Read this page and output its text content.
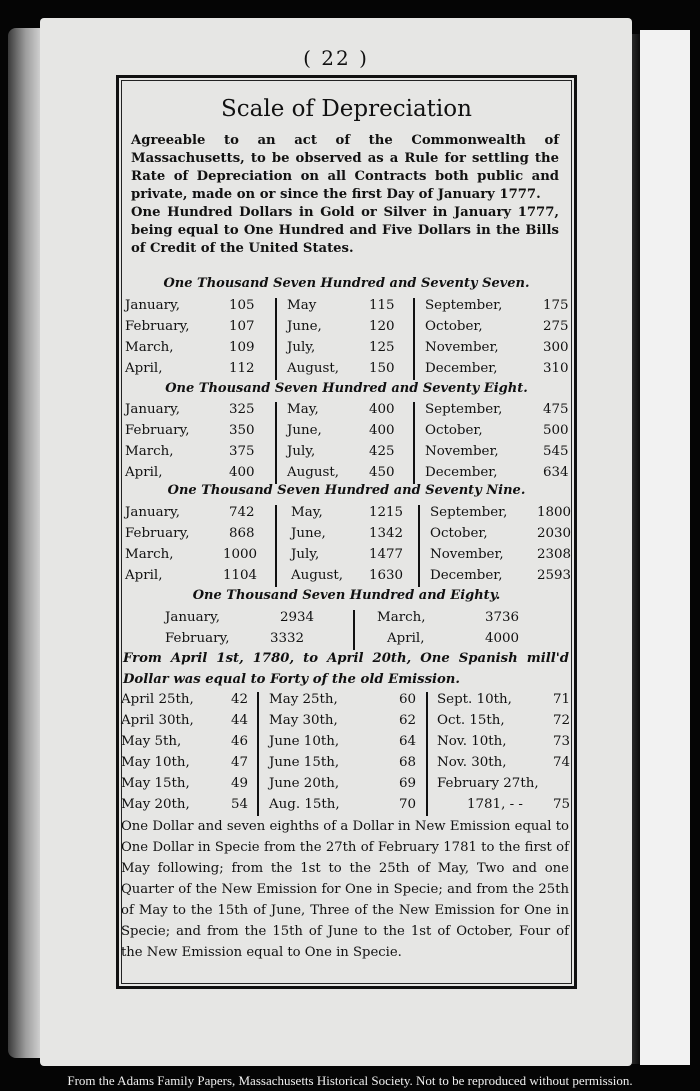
( 22 )
Scale of Depreciation
Agreeable to an act of the Commonwealth of Massachusetts, to be observed as a Rule for settling the Rate of Depreciation on all Contracts both public and private, made on or since the first Day of January 1777.
One Hundred Dollars in Gold or Silver in January 1777, being equal to One Hundred and Five Dollars in the Bills of Credit of the United States.
One Thousand Seven Hundred and Seventy Seven.
January,	105 May	115 September,	175
February,	107 June,	120 October,	275
March,	109 July,	125 November,	300
April,	112 August, 150 December,	310
One Thousand Seven Hundred and Seventy Eight.
January,	325 May,	400 September,	475
February,	350 June,	400 October,	500
March,	375 July,	425 November,	545
April,	400 August, 450 December,	634
One Thousand Seven Hundred and Seventy Nine.
January,	742	May,	1215 September, 1800
February,	868	June,	1342 October,	2030
March,	1000	July,	1477 November, 2308
April,	1104	August, 1630 December,	2593
One Thousand Seven Hundred and Eighty.
January,	2934	March,	3736
February,	3332	April,	4000
From April 1st, 1780, to April 20th, One Spanish mill'd Dollar was equal to Forty of the old Emission.
April 25th,	42 May 25th,	60 Sept. 10th,	71
April 30th,	44 May 30th,	62 Oct. 15th,	72
May 5th,	46 June 10th,	64 Nov. 10th,	73
May 10th,	47 June 15th,	68 Nov. 30th,	74
May 15th,	49 June 20th,	69 February 27th,
May 20th,	54 Aug. 15th,	70	1781, - - 75
One Dollar and seven eighths of a Dollar in New Emission equal to One Dollar in Specie from the 27th of February 1781 to the first of May following; from the 1st to the 25th of May, Two and one Quarter of the New Emission for One in Specie; and from the 25th of May to the 15th of June, Three of the New Emission for One in Specie; and from the 15th of June to the 1st of October, Four of the New Emission equal to One in Specie.
From the Adams Family Papers, Massachusetts Historical Society. Not to be reproduced without permission.
